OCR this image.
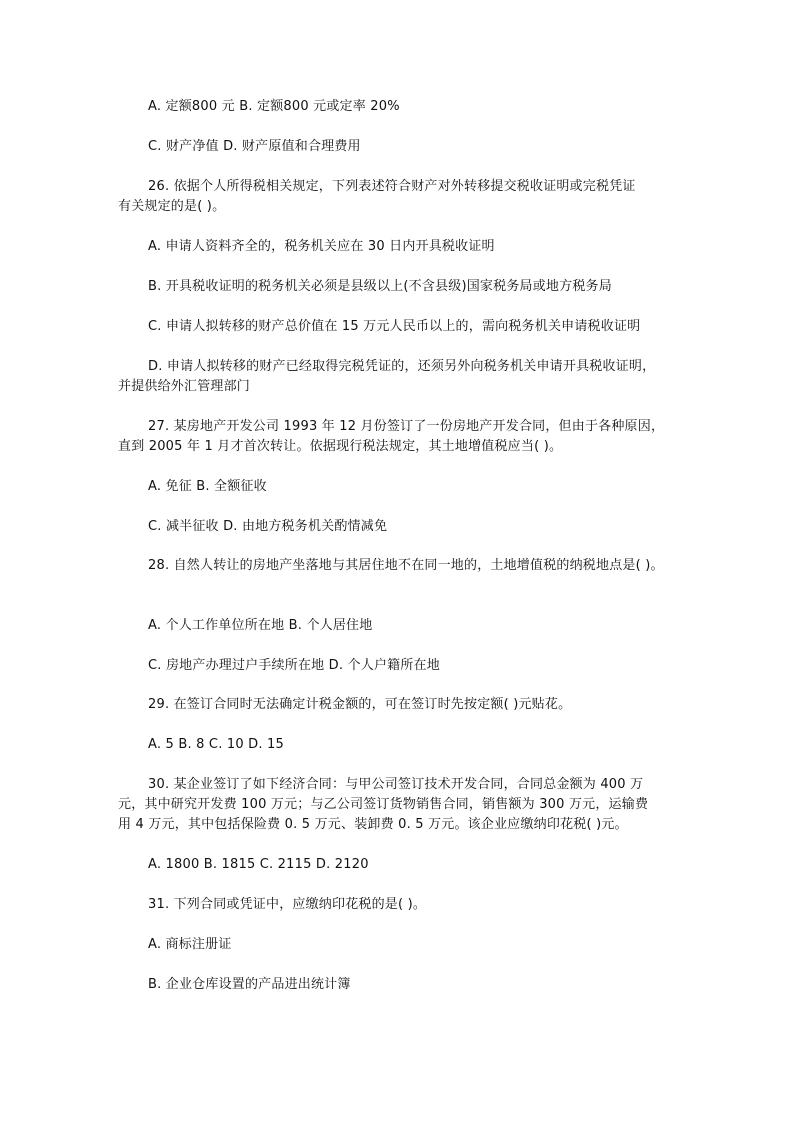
A. 定额800 元 B. 定额800 元或定率 20%
C. 财产净值 D. 财产原值和合理费用
26. 依据个人所得税相关规定，下列表述符合财产对外转移提交税收证明或完税凭证
有关规定的是( )。
A. 申请人资料齐全的，税务机关应在 30 日内开具税收证明
B. 开具税收证明的税务机关必须是县级以上(不含县级)国家税务局或地方税务局
C. 申请人拟转移的财产总价值在 15 万元人民币以上的，需向税务机关申请税收证明
D. 申请人拟转移的财产已经取得完税凭证的，还须另外向税务机关申请开具税收证明，
并提供给外汇管理部门
27. 某房地产开发公司 1993 年 12 月份签订了一份房地产开发合同，但由于各种原因，
直到 2005 年 1 月才首次转让。依据现行税法规定，其土地增值税应当( )。
A. 免征 B. 全额征收
C. 减半征收 D. 由地方税务机关酌情减免
28. 自然人转让的房地产坐落地与其居住地不在同一地的，土地增值税的纳税地点是( )。
A. 个人工作单位所在地 B. 个人居住地
C. 房地产办理过户手续所在地 D. 个人户籍所在地
29. 在签订合同时无法确定计税金额的，可在签订时先按定额( )元贴花。
A. 5 B. 8 C. 10 D. 15
30. 某企业签订了如下经济合同：与甲公司签订技术开发合同，合同总金额为 400 万
元，其中研究开发费 100 万元；与乙公司签订货物销售合同，销售额为 300 万元，运输费
用 4 万元，其中包括保险费 0. 5 万元、装卸费 0. 5 万元。该企业应缴纳印花税( )元。
A. 1800 B. 1815 C. 2115 D. 2120
31. 下列合同或凭证中，应缴纳印花税的是( )。
A. 商标注册证
B. 企业仓库设置的产品进出统计簿
